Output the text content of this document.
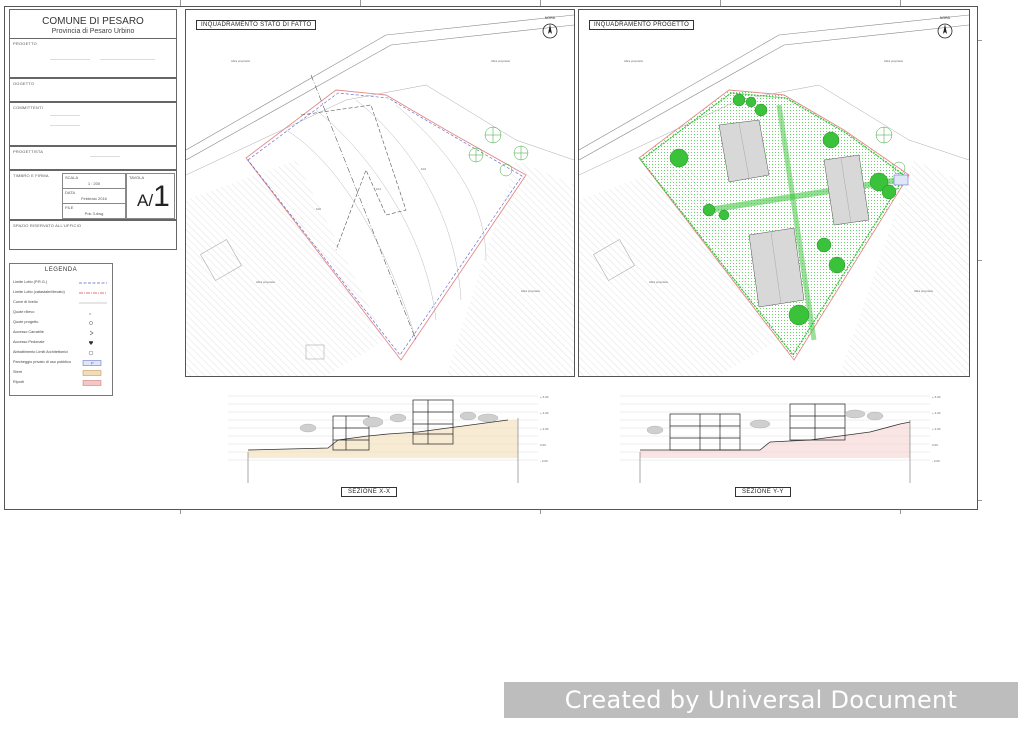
COMUNE DI PESARO
Provincia di Pesaro Urbino
PROGETTO
OGGETTO
COMMITTENTI
PROGETTISTA
TIMBRO E FIRMA	SCALA
1 : 200
DATA
Febbraio 2016
FILE
Pdc 3.dwg
TAVOLA
A/1
SPAZIO RISERVATO ALL'UFFICIO
LEGENDA
Limite Lotto (P.R.G.)
Limite Lotto (catastale/rilevato)
Curve di livello
Quote rilievo	×
Quote progetto
Accesso Carrabile
Accesso Pedonale
Abbattimento Limiti Architettonici
Parcheggio privato di uso pubblico	P
Sterri
Riporti
Altra proprietà	Altra proprietà
Altra proprietà
Altra proprietà
100
101
102
INQUADRAMENTO STATO DI FATTO
NORD
Altra proprietà	Altra proprietà
Altra proprietà
Altra proprietà
INQUADRAMENTO PROGETTO
NORD
+ 6.00
+ 4.00
+ 2.00
0.00
- 2.00
SEZIONE X-X
+ 6.00
+ 4.00
+ 2.00
0.00
- 2.00
SEZIONE Y-Y
Created by Universal Document Converter
